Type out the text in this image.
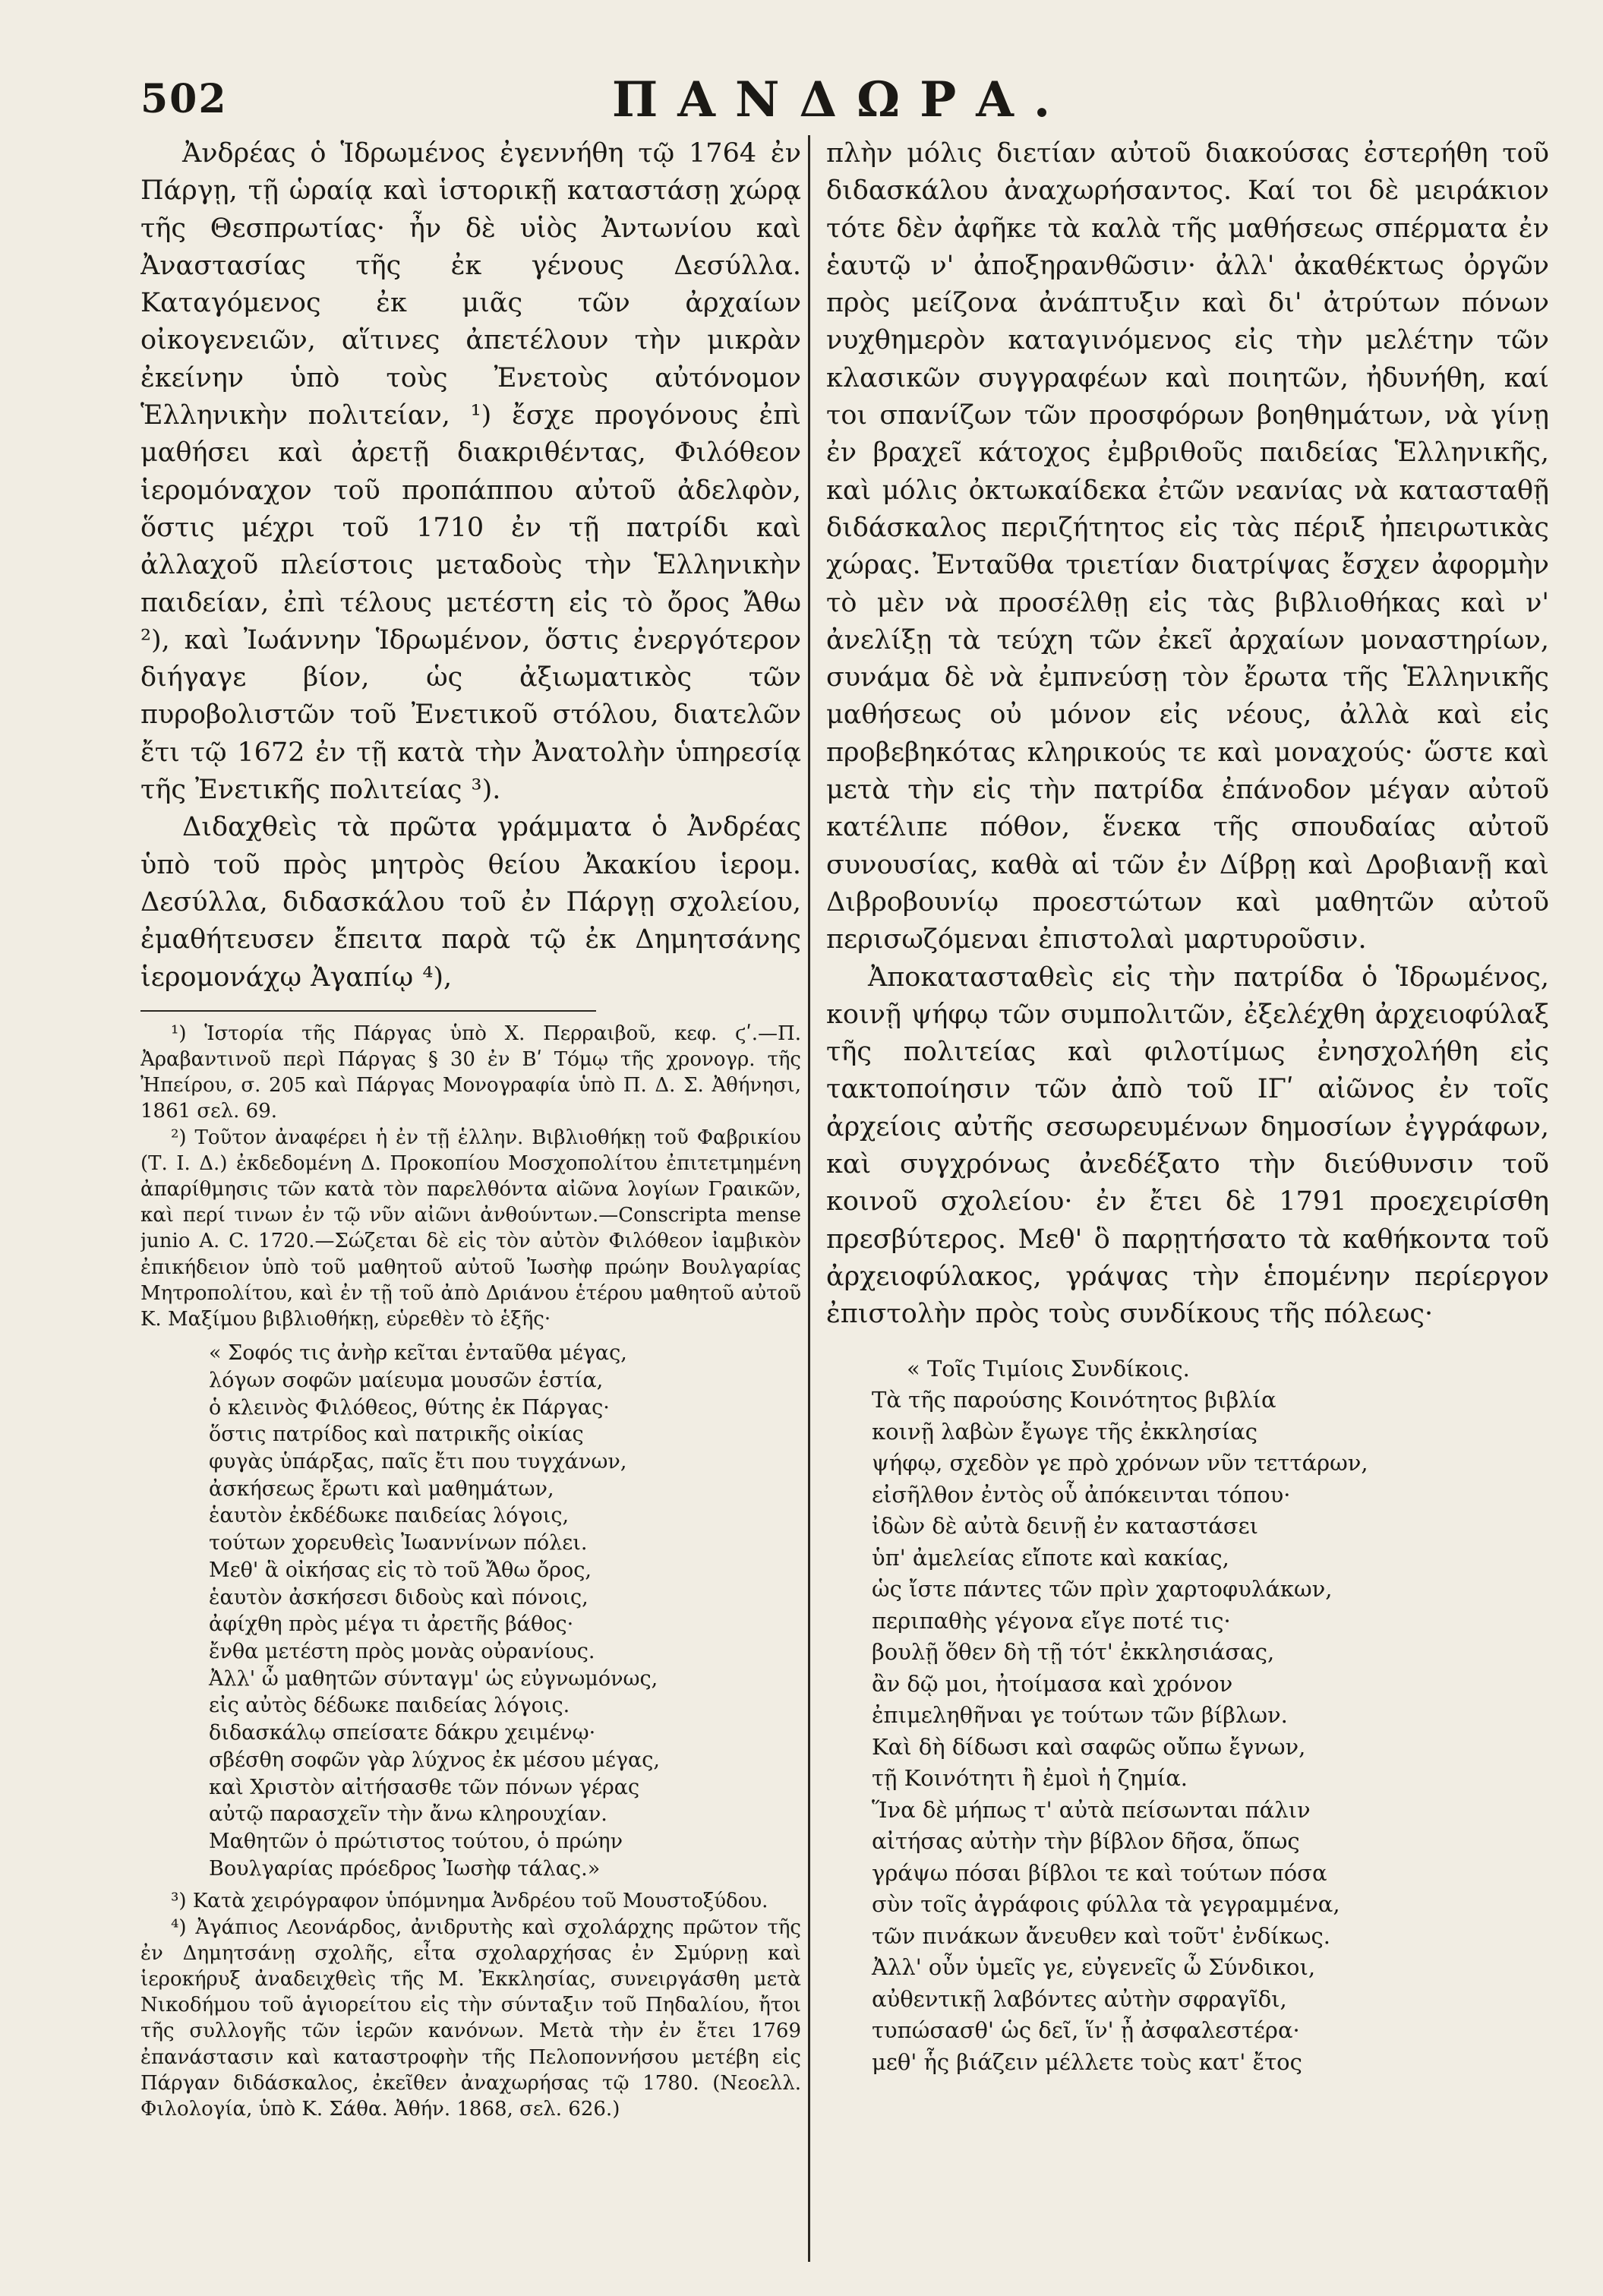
502	ΠΑΝΔΩΡΑ.

Ἀνδρέας ὁ Ἱδρωμένος ἐγεννήθη τῷ 1764 ἐν Πάργῃ, τῇ ὡραίᾳ καὶ ἱστορικῇ καταστάσῃ χώρᾳ τῆς Θεσπρωτίας· ἦν δὲ υἱὸς Ἀντωνίου καὶ Ἀναστασίας τῆς ἐκ γένους Δεσύλλα. Καταγόμενος ἐκ μιᾶς τῶν ἀρχαίων οἰκογενειῶν, αἵτινες ἀπετέλουν τὴν μικρὰν ἐκείνην ὑπὸ τοὺς Ἐνετοὺς αὐτόνομον Ἑλληνικὴν πολιτείαν, ¹) ἔσχε προγόνους ἐπὶ μαθήσει καὶ ἀρετῇ διακριθέντας, Φιλόθεον ἱερομόναχον τοῦ προπάππου αὐτοῦ ἀδελφὸν, ὅστις μέχρι τοῦ 1710 ἐν τῇ πατρίδι καὶ ἀλλαχοῦ πλείστοις μεταδοὺς τὴν Ἑλληνικὴν παιδείαν, ἐπὶ τέλους μετέστη εἰς τὸ ὄρος Ἄθω ²), καὶ Ἰωάννην Ἱδρωμένον, ὅστις ἐνεργότερον διήγαγε βίον, ὡς ἀξιωματικὸς τῶν πυροβολιστῶν τοῦ Ἐνετικοῦ στόλου, διατελῶν ἔτι τῷ 1672 ἐν τῇ κατὰ τὴν Ἀνατολὴν ὑπηρεσίᾳ τῆς Ἐνετικῆς πολιτείας ³).

Διδαχθεὶς τὰ πρῶτα γράμματα ὁ Ἀνδρέας ὑπὸ τοῦ πρὸς μητρὸς θείου Ἀκακίου ἱερομ. Δεσύλλα, διδασκάλου τοῦ ἐν Πάργῃ σχολείου, ἐμαθήτευσεν ἔπειτα παρὰ τῷ ἐκ Δημητσάνης ἱερομονάχῳ Ἀγαπίῳ ⁴),

¹) Ἱστορία τῆς Πάργας ὑπὸ Χ. Περραιβοῦ, κεφ. ϛʹ.—Π. Ἀραβαντινοῦ περὶ Πάργας § 30 ἐν Βʹ Τόμῳ τῆς χρονογρ. τῆς Ἠπείρου, σ. 205 καὶ Πάργας Μονογραφία ὑπὸ Π. Δ. Σ. Ἀθήνησι, 1861 σελ. 69.

²) Τοῦτον ἀναφέρει ἡ ἐν τῇ ἑλλην. Βιβλιοθήκῃ τοῦ Φαβρικίου (Τ. Ι. Δ.) ἐκδεδομένη Δ. Προκοπίου Μοσχοπολίτου ἐπιτετμημένη ἀπαρίθμησις τῶν κατὰ τὸν παρελθόντα αἰῶνα λογίων Γραικῶν, καὶ περί τινων ἐν τῷ νῦν αἰῶνι ἀνθούντων.—Conscripta mense junio A. C. 1720.—Σώζεται δὲ εἰς τὸν αὐτὸν Φιλόθεον ἰαμβικὸν ἐπικήδειον ὑπὸ τοῦ μαθητοῦ αὐτοῦ Ἰωσὴφ πρώην Βουλγαρίας Μητροπολίτου, καὶ ἐν τῇ τοῦ ἀπὸ Δριάνου ἑτέρου μαθητοῦ αὐτοῦ Κ. Μαξίμου βιβλιοθήκῃ, εὑρεθὲν τὸ ἑξῆς·

« Σοφός τις ἀνὴρ κεῖται ἐνταῦθα μέγας,
λόγων σοφῶν μαίευμα μουσῶν ἑστία,
ὁ κλεινὸς Φιλόθεος, θύτης ἐκ Πάργας·
ὅστις πατρίδος καὶ πατρικῆς οἰκίας
φυγὰς ὑπάρξας, παῖς ἔτι που τυγχάνων,
ἀσκήσεως ἔρωτι καὶ μαθημάτων,
ἑαυτὸν ἐκδέδωκε παιδείας λόγοις,
τούτων χορευθεὶς Ἰωαννίνων πόλει.
Μεθ' ἃ οἰκήσας εἰς τὸ τοῦ Ἄθω ὄρος,
ἑαυτὸν ἀσκήσεσι διδοὺς καὶ πόνοις,
ἀφίχθη πρὸς μέγα τι ἀρετῆς βάθος·
ἔνθα μετέστη πρὸς μονὰς οὐρανίους.
Ἀλλ' ὦ μαθητῶν σύνταγμ' ὡς εὐγνωμόνως,
εἰς αὐτὸς δέδωκε παιδείας λόγοις.
διδασκάλῳ σπείσατε δάκρυ χειμένῳ·
σβέσθη σοφῶν γὰρ λύχνος ἐκ μέσου μέγας,
καὶ Χριστὸν αἰτήσασθε τῶν πόνων γέρας
αὐτῷ παρασχεῖν τὴν ἄνω κληρουχίαν.
Μαθητῶν ὁ πρώτιστος τούτου, ὁ πρώην
Βουλγαρίας πρόεδρος Ἰωσὴφ τάλας.»

³) Κατὰ χειρόγραφον ὑπόμνημα Ἀνδρέου τοῦ Μουστοξύδου.

⁴) Ἀγάπιος Λεονάρδος, ἀνιδρυτὴς καὶ σχολάρχης πρῶτον τῆς ἐν Δημητσάνῃ σχολῆς, εἶτα σχολαρχήσας ἐν Σμύρνῃ καὶ ἱεροκήρυξ ἀναδειχθεὶς τῆς Μ. Ἐκκλησίας, συνειργάσθη μετὰ Νικοδήμου τοῦ ἁγιορείτου εἰς τὴν σύνταξιν τοῦ Πηδαλίου, ἤτοι τῆς συλλογῆς τῶν ἱερῶν κανόνων. Μετὰ τὴν ἐν ἔτει 1769 ἐπανάστασιν καὶ καταστροφὴν τῆς Πελοποννήσου μετέβη εἰς Πάργαν διδάσκαλος, ἐκεῖθεν ἀναχωρήσας τῷ 1780. (Νεοελλ. Φιλολογία, ὑπὸ Κ. Σάθα. Ἀθήν. 1868, σελ. 626.)

πλὴν μόλις διετίαν αὐτοῦ διακούσας ἐστερήθη τοῦ διδασκάλου ἀναχωρήσαντος. Καί τοι δὲ μειράκιον τότε δὲν ἀφῆκε τὰ καλὰ τῆς μαθήσεως σπέρματα ἐν ἑαυτῷ ν' ἀποξηρανθῶσιν· ἀλλ' ἀκαθέκτως ὀργῶν πρὸς μείζονα ἀνάπτυξιν καὶ δι' ἀτρύτων πόνων νυχθημερὸν καταγινόμενος εἰς τὴν μελέτην τῶν κλασικῶν συγγραφέων καὶ ποιητῶν, ἠδυνήθη, καί τοι σπανίζων τῶν προσφόρων βοηθημάτων, νὰ γίνῃ ἐν βραχεῖ κάτοχος ἐμβριθοῦς παιδείας Ἑλληνικῆς, καὶ μόλις ὀκτωκαίδεκα ἐτῶν νεανίας νὰ κατασταθῇ διδάσκαλος περιζήτητος εἰς τὰς πέριξ ἠπειρωτικὰς χώρας. Ἐνταῦθα τριετίαν διατρίψας ἔσχεν ἀφορμὴν τὸ μὲν νὰ προσέλθῃ εἰς τὰς βιβλιοθήκας καὶ ν' ἀνελίξῃ τὰ τεύχη τῶν ἐκεῖ ἀρχαίων μοναστηρίων, συνάμα δὲ νὰ ἐμπνεύσῃ τὸν ἔρωτα τῆς Ἑλληνικῆς μαθήσεως οὐ μόνον εἰς νέους, ἀλλὰ καὶ εἰς προβεβηκότας κληρικούς τε καὶ μοναχούς· ὥστε καὶ μετὰ τὴν εἰς τὴν πατρίδα ἐπάνοδον μέγαν αὐτοῦ κατέλιπε πόθον, ἕνεκα τῆς σπουδαίας αὐτοῦ συνουσίας, καθὰ αἱ τῶν ἐν Δίβρῃ καὶ Δροβιανῇ καὶ Διβροβουνίῳ προεστώτων καὶ μαθητῶν αὐτοῦ περισωζόμεναι ἐπιστολαὶ μαρτυροῦσιν.

Ἀποκατασταθεὶς εἰς τὴν πατρίδα ὁ Ἱδρωμένος, κοινῇ ψήφῳ τῶν συμπολιτῶν, ἐξελέχθη ἀρχειοφύλαξ τῆς πολιτείας καὶ φιλοτίμως ἐνησχολήθη εἰς τακτοποίησιν τῶν ἀπὸ τοῦ ΙΓʹ αἰῶνος ἐν τοῖς ἀρχείοις αὐτῆς σεσωρευμένων δημοσίων ἐγγράφων, καὶ συγχρόνως ἀνεδέξατο τὴν διεύθυνσιν τοῦ κοινοῦ σχολείου· ἐν ἔτει δὲ 1791 προεχειρίσθη πρεσβύτερος. Μεθ' ὃ παρῃτήσατο τὰ καθήκοντα τοῦ ἀρχειοφύλακος, γράψας τὴν ἑπομένην περίεργον ἐπιστολὴν πρὸς τοὺς συνδίκους τῆς πόλεως·

« Τοῖς Τιμίοις Συνδίκοις.
Τὰ τῆς παρούσης Κοινότητος βιβλία
κοινῇ λαβὼν ἔγωγε τῆς ἐκκλησίας
ψήφῳ, σχεδὸν γε πρὸ χρόνων νῦν τεττάρων,
εἰσῆλθον ἐντὸς οὗ ἀπόκεινται τόπου·
ἰδὼν δὲ αὐτὰ δεινῇ ἐν καταστάσει
ὑπ' ἀμελείας εἴποτε καὶ κακίας,
ὡς ἴστε πάντες τῶν πρὶν χαρτοφυλάκων,
περιπαθὴς γέγονα εἴγε ποτέ τις·
βουλῇ ὅθεν δὴ τῇ τότ' ἐκκλησιάσας,
ἂν δῷ μοι, ἠτοίμασα καὶ χρόνον
ἐπιμεληθῆναι γε τούτων τῶν βίβλων.
Καὶ δὴ δίδωσι καὶ σαφῶς οὔπω ἔγνων,
τῇ Κοινότητι ἢ ἐμοὶ ἡ ζημία.
Ἵνα δὲ μήπως τ' αὐτὰ πείσωνται πάλιν
αἰτήσας αὐτὴν τὴν βίβλον δῆσα, ὅπως
γράψω πόσαι βίβλοι τε καὶ τούτων πόσα
σὺν τοῖς ἀγράφοις φύλλα τὰ γεγραμμένα,
τῶν πινάκων ἄνευθεν καὶ τοῦτ' ἐνδίκως.
Ἀλλ' οὖν ὑμεῖς γε, εὐγενεῖς ὦ Σύνδικοι,
αὐθεντικῇ λαβόντες αὐτὴν σφραγῖδι,
τυπώσασθ' ὡς δεῖ, ἵν' ᾖ ἀσφαλεστέρα·
μεθ' ἧς βιάζειν μέλλετε τοὺς κατ' ἔτος
